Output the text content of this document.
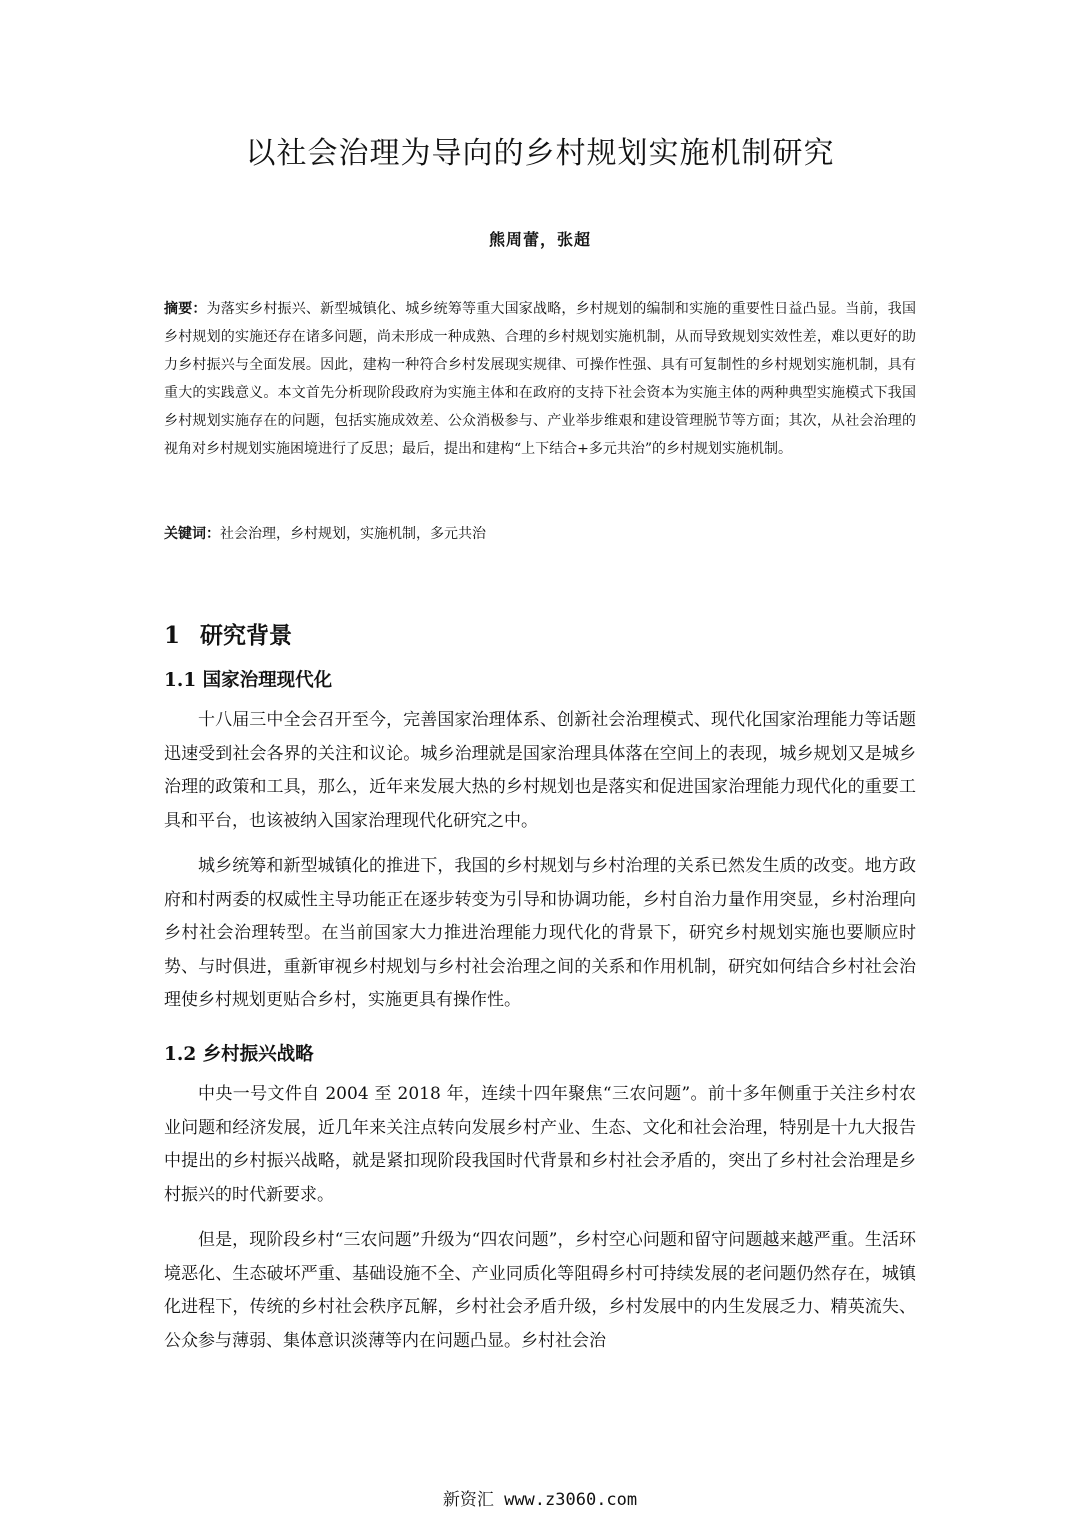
以社会治理为导向的乡村规划实施机制研究
熊周蕾，张超
摘要：为落实乡村振兴、新型城镇化、城乡统筹等重大国家战略，乡村规划的编制和实施的重要性日益凸显。当前，我国乡村规划的实施还存在诸多问题，尚未形成一种成熟、合理的乡村规划实施机制，从而导致规划实效性差，难以更好的助力乡村振兴与全面发展。因此，建构一种符合乡村发展现实规律、可操作性强、具有可复制性的乡村规划实施机制，具有重大的实践意义。本文首先分析现阶段政府为实施主体和在政府的支持下社会资本为实施主体的两种典型实施模式下我国乡村规划实施存在的问题，包括实施成效差、公众消极参与、产业举步维艰和建设管理脱节等方面；其次，从社会治理的视角对乡村规划实施困境进行了反思；最后，提出和建构“上下结合+多元共治”的乡村规划实施机制。
关键词：社会治理，乡村规划，实施机制，多元共治
1 研究背景
1.1 国家治理现代化

十八届三中全会召开至今，完善国家治理体系、创新社会治理模式、现代化国家治理能力等话题迅速受到社会各界的关注和议论。城乡治理就是国家治理具体落在空间上的表现，城乡规划又是城乡治理的政策和工具，那么，近年来发展大热的乡村规划也是落实和促进国家治理能力现代化的重要工具和平台，也该被纳入国家治理现代化研究之中。

城乡统筹和新型城镇化的推进下，我国的乡村规划与乡村治理的关系已然发生质的改变。地方政府和村两委的权威性主导功能正在逐步转变为引导和协调功能，乡村自治力量作用突显，乡村治理向乡村社会治理转型。在当前国家大力推进治理能力现代化的背景下，研究乡村规划实施也要顺应时势、与时俱进，重新审视乡村规划与乡村社会治理之间的关系和作用机制，研究如何结合乡村社会治理使乡村规划更贴合乡村，实施更具有操作性。

1.2 乡村振兴战略

中央一号文件自 2004 至 2018 年，连续十四年聚焦“三农问题”。前十多年侧重于关注乡村农业问题和经济发展，近几年来关注点转向发展乡村产业、生态、文化和社会治理，特别是十九大报告中提出的乡村振兴战略，就是紧扣现阶段我国时代背景和乡村社会矛盾的，突出了乡村社会治理是乡村振兴的时代新要求。

但是，现阶段乡村“三农问题”升级为“四农问题”，乡村空心问题和留守问题越来越严重。生活环境恶化、生态破坏严重、基础设施不全、产业同质化等阻碍乡村可持续发展的老问题仍然存在，城镇化进程下，传统的乡村社会秩序瓦解，乡村社会矛盾升级，乡村发展中的内生发展乏力、精英流失、公众参与薄弱、集体意识淡薄等内在问题凸显。乡村社会治

新资汇 www.z3060.com
